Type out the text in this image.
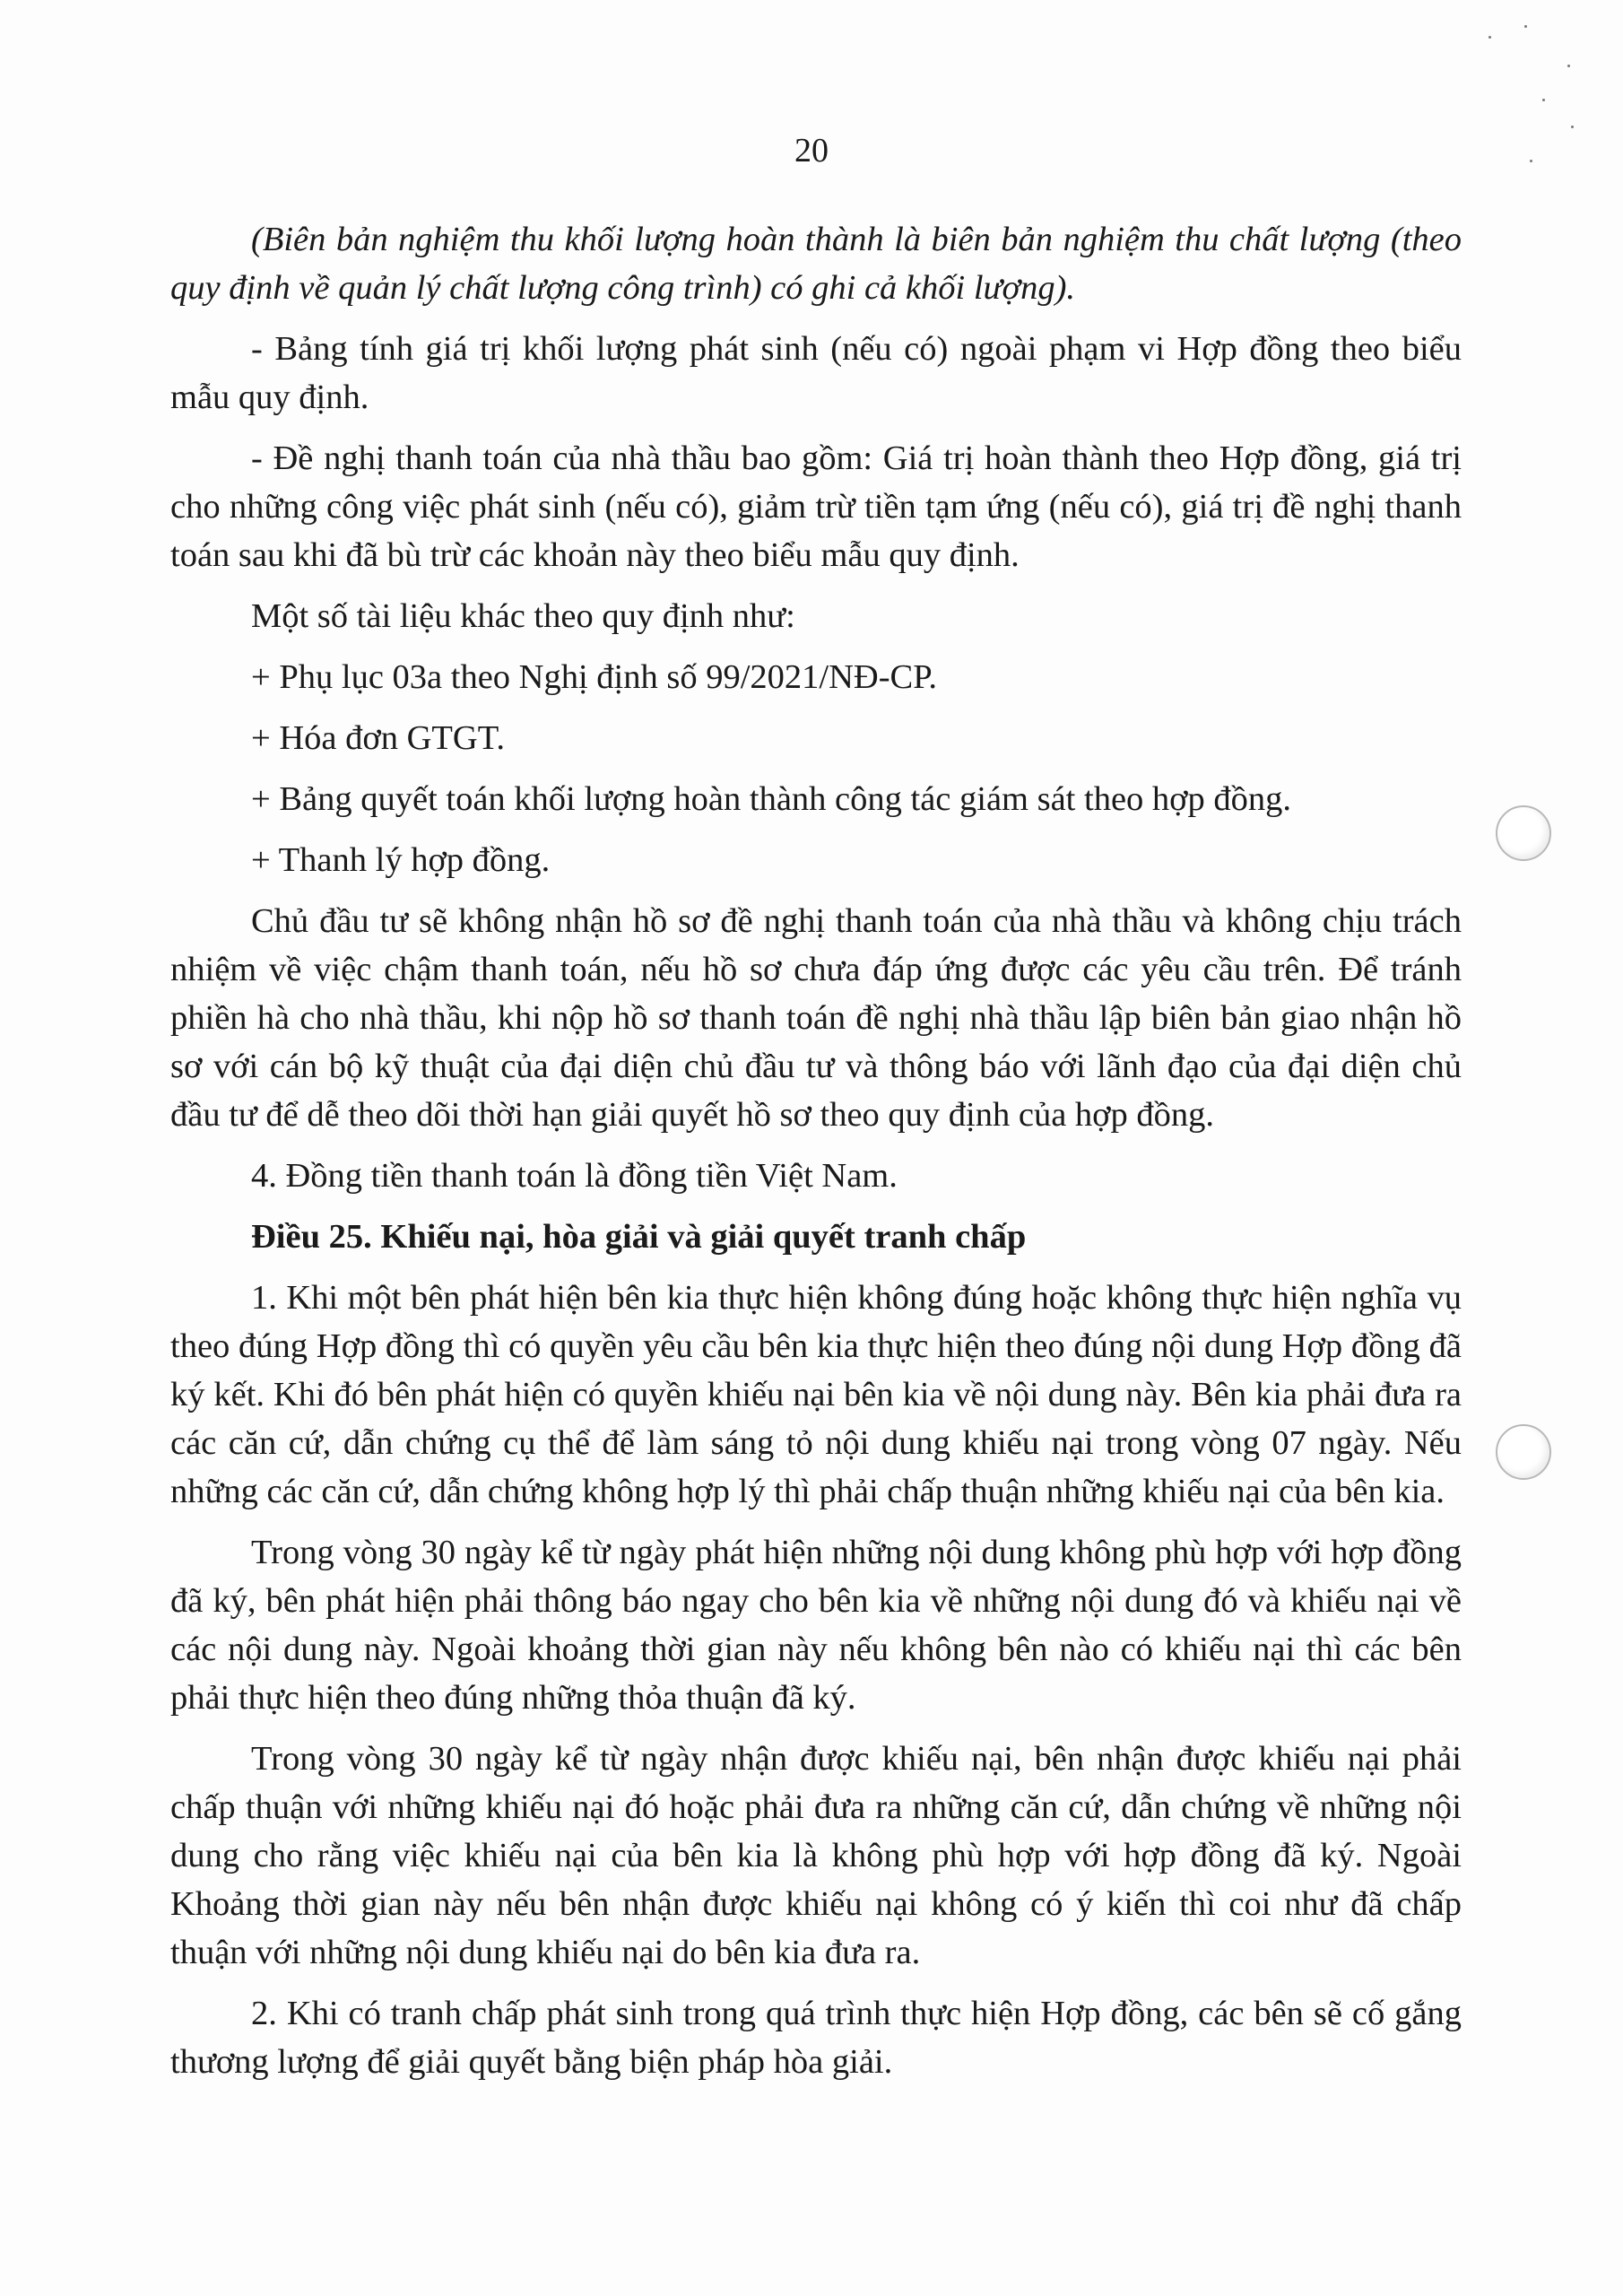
20

(Biên bản nghiệm thu khối lượng hoàn thành là biên bản nghiệm thu chất lượng (theo quy định về quản lý chất lượng công trình) có ghi cả khối lượng).

- Bảng tính giá trị khối lượng phát sinh (nếu có) ngoài phạm vi Hợp đồng theo biểu mẫu quy định.

- Đề nghị thanh toán của nhà thầu bao gồm: Giá trị hoàn thành theo Hợp đồng, giá trị cho những công việc phát sinh (nếu có), giảm trừ tiền tạm ứng (nếu có), giá trị đề nghị thanh toán sau khi đã bù trừ các khoản này theo biểu mẫu quy định.

Một số tài liệu khác theo quy định như:

+ Phụ lục 03a theo Nghị định số 99/2021/NĐ-CP.

+ Hóa đơn GTGT.

+ Bảng quyết toán khối lượng hoàn thành công tác giám sát theo hợp đồng.

+ Thanh lý hợp đồng.

Chủ đầu tư sẽ không nhận hồ sơ đề nghị thanh toán của nhà thầu và không chịu trách nhiệm về việc chậm thanh toán, nếu hồ sơ chưa đáp ứng được các yêu cầu trên. Để tránh phiền hà cho nhà thầu, khi nộp hồ sơ thanh toán đề nghị nhà thầu lập biên bản giao nhận hồ sơ với cán bộ kỹ thuật của đại diện chủ đầu tư và thông báo với lãnh đạo của đại diện chủ đầu tư để dễ theo dõi thời hạn giải quyết hồ sơ theo quy định của hợp đồng.

4. Đồng tiền thanh toán là đồng tiền Việt Nam.

Điều 25. Khiếu nại, hòa giải và giải quyết tranh chấp

1. Khi một bên phát hiện bên kia thực hiện không đúng hoặc không thực hiện nghĩa vụ theo đúng Hợp đồng thì có quyền yêu cầu bên kia thực hiện theo đúng nội dung Hợp đồng đã ký kết. Khi đó bên phát hiện có quyền khiếu nại bên kia về nội dung này. Bên kia phải đưa ra các căn cứ, dẫn chứng cụ thể để làm sáng tỏ nội dung khiếu nại trong vòng 07 ngày. Nếu những các căn cứ, dẫn chứng không hợp lý thì phải chấp thuận những khiếu nại của bên kia.

Trong vòng 30 ngày kể từ ngày phát hiện những nội dung không phù hợp với hợp đồng đã ký, bên phát hiện phải thông báo ngay cho bên kia về những nội dung đó và khiếu nại về các nội dung này. Ngoài khoảng thời gian này nếu không bên nào có khiếu nại thì các bên phải thực hiện theo đúng những thỏa thuận đã ký.

Trong vòng 30 ngày kể từ ngày nhận được khiếu nại, bên nhận được khiếu nại phải chấp thuận với những khiếu nại đó hoặc phải đưa ra những căn cứ, dẫn chứng về những nội dung cho rằng việc khiếu nại của bên kia là không phù hợp với hợp đồng đã ký. Ngoài Khoảng thời gian này nếu bên nhận được khiếu nại không có ý kiến thì coi như đã chấp thuận với những nội dung khiếu nại do bên kia đưa ra.

2. Khi có tranh chấp phát sinh trong quá trình thực hiện Hợp đồng, các bên sẽ cố gắng thương lượng để giải quyết bằng biện pháp hòa giải.
